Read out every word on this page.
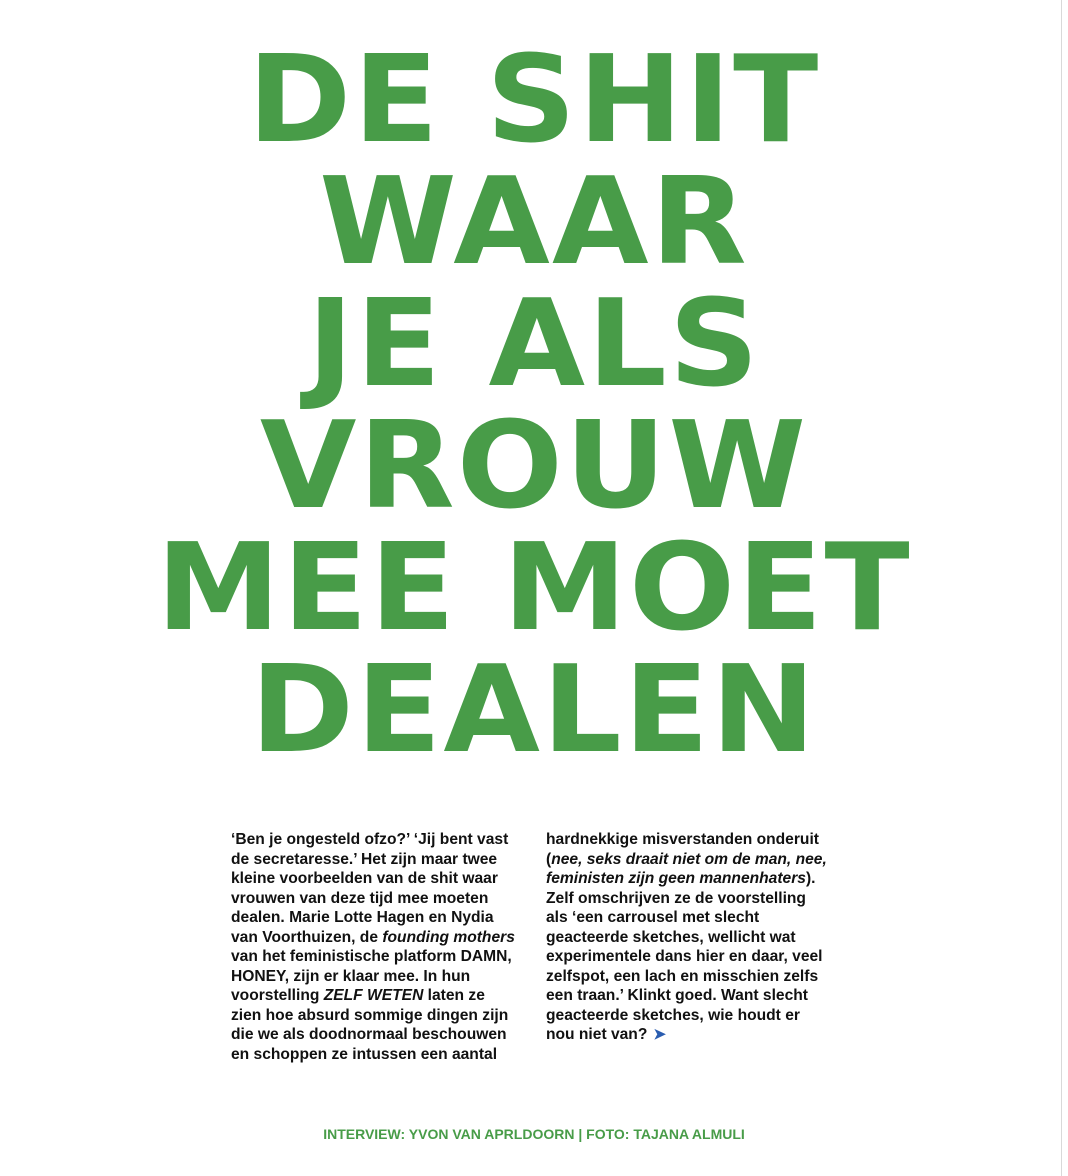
DE SHIT
WAAR
JE ALS
VROUW
MEE MOET
DEALEN
‘Ben je ongesteld ofzo?’ ‘Jij bent vast
de secretaresse.’ Het zijn maar twee
kleine voorbeelden van de shit waar
vrouwen van deze tijd mee moeten
dealen. Marie Lotte Hagen en Nydia
van Voorthuizen, de founding mothers
van het feministische platform DAMN,
HONEY, zijn er klaar mee. In hun
voorstelling ZELF WETEN laten ze
zien hoe absurd sommige dingen zijn
die we als doodnormaal beschouwen
en schoppen ze intussen een aantal
hardnekkige misverstanden onderuit
(nee, seks draait niet om de man, nee,
feministen zijn geen mannenhaters).
Zelf omschrijven ze de voorstelling
als ‘een carrousel met slecht
geacteerde sketches, wellicht wat
experimentele dans hier en daar, veel
zelfspot, een lach en misschien zelfs
een traan.’ Klinkt goed. Want slecht
geacteerde sketches, wie houdt er
nou niet van? ➤
INTERVIEW: YVON VAN APRLDOORN | FOTO: TAJANA ALMULI
